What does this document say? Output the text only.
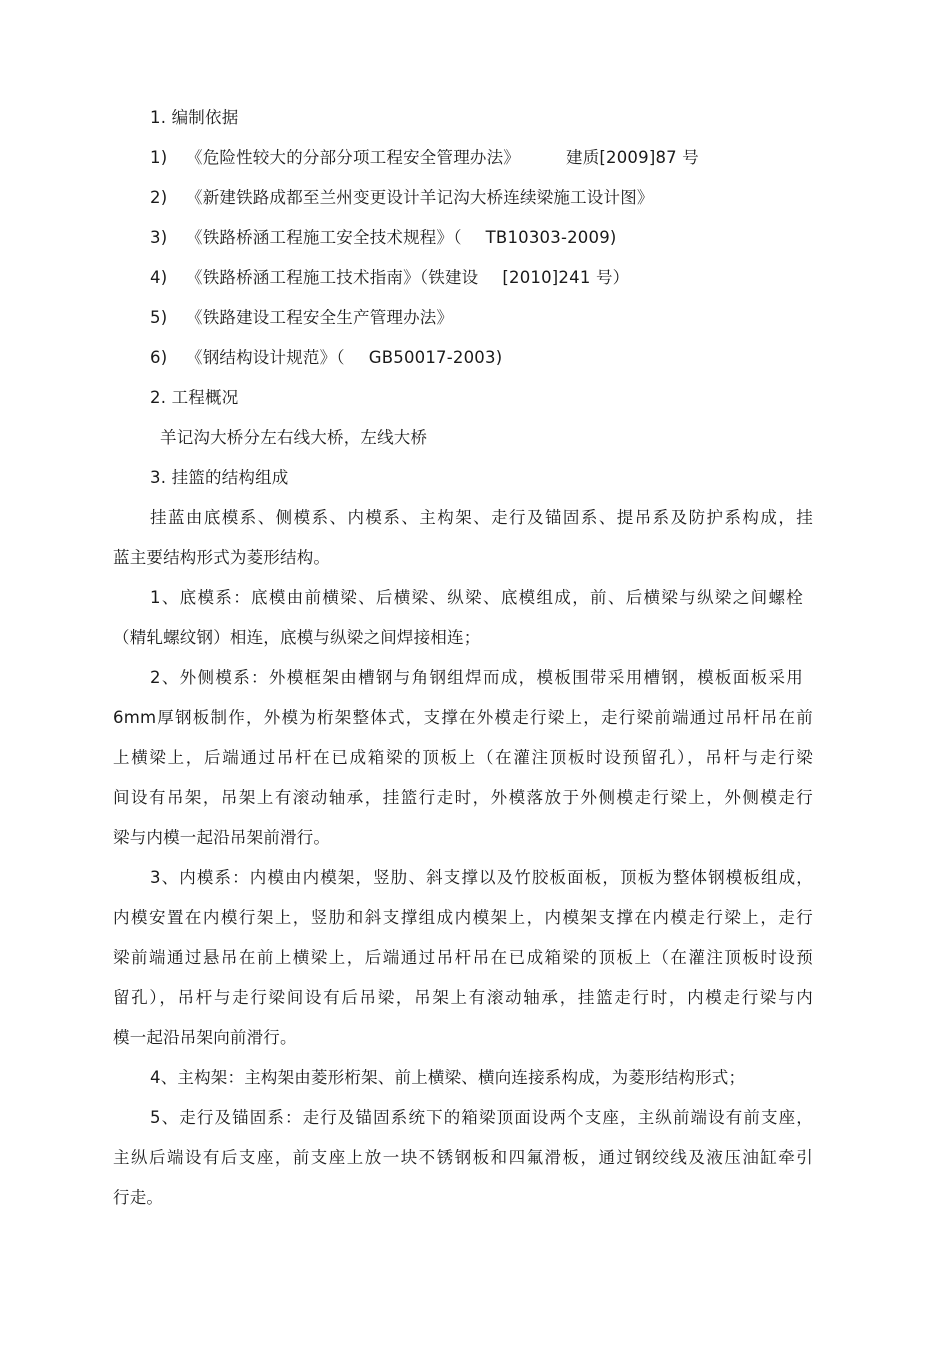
1. 编制依据
1) 《危险性较大的分部分项工程安全管理办法》	建质[2009]87 号
2) 《新建铁路成都至兰州变更设计羊记沟大桥连续梁施工设计图》
3) 《铁路桥涵工程施工安全技术规程》（ TB10303-2009)
4) 《铁路桥涵工程施工技术指南》（铁建设 [2010]241 号）
5) 《铁路建设工程安全生产管理办法》
6) 《钢结构设计规范》（ GB50017-2003)
2. 工程概况
羊记沟大桥分左右线大桥，左线大桥
3. 挂篮的结构组成
挂蓝由底模系、侧模系、内模系、主构架、走行及锚固系、提吊系及防护系构成，挂
蓝主要结构形式为菱形结构。
1、底模系：底模由前横梁、后横梁、纵梁、底模组成，前、后横梁与纵梁之间螺栓
（精轧螺纹钢）相连，底模与纵梁之间焊接相连；
2、外侧模系：外模框架由槽钢与角钢组焊而成，模板围带采用槽钢，模板面板采用
6mm厚钢板制作，外模为桁架整体式，支撑在外模走行梁上，走行梁前端通过吊杆吊在前
上横梁上，后端通过吊杆在已成箱梁的顶板上（在灌注顶板时设预留孔），吊杆与走行梁
间设有吊架，吊架上有滚动轴承，挂篮行走时，外模落放于外侧模走行梁上，外侧模走行
梁与内模一起沿吊架前滑行。
3、内模系：内模由内模架，竖肋、斜支撑以及竹胶板面板，顶板为整体钢模板组成，
内模安置在内模行架上，竖肋和斜支撑组成内模架上，内模架支撑在内模走行梁上，走行
梁前端通过悬吊在前上横梁上，后端通过吊杆吊在已成箱梁的顶板上（在灌注顶板时设预
留孔），吊杆与走行梁间设有后吊梁，吊架上有滚动轴承，挂篮走行时，内模走行梁与内
模一起沿吊架向前滑行。
4、主构架：主构架由菱形桁架、前上横梁、横向连接系构成，为菱形结构形式；
5、走行及锚固系：走行及锚固系统下的箱梁顶面设两个支座，主纵前端设有前支座，
主纵后端设有后支座，前支座上放一块不锈钢板和四氟滑板，通过钢绞线及液压油缸牵引
行走。
